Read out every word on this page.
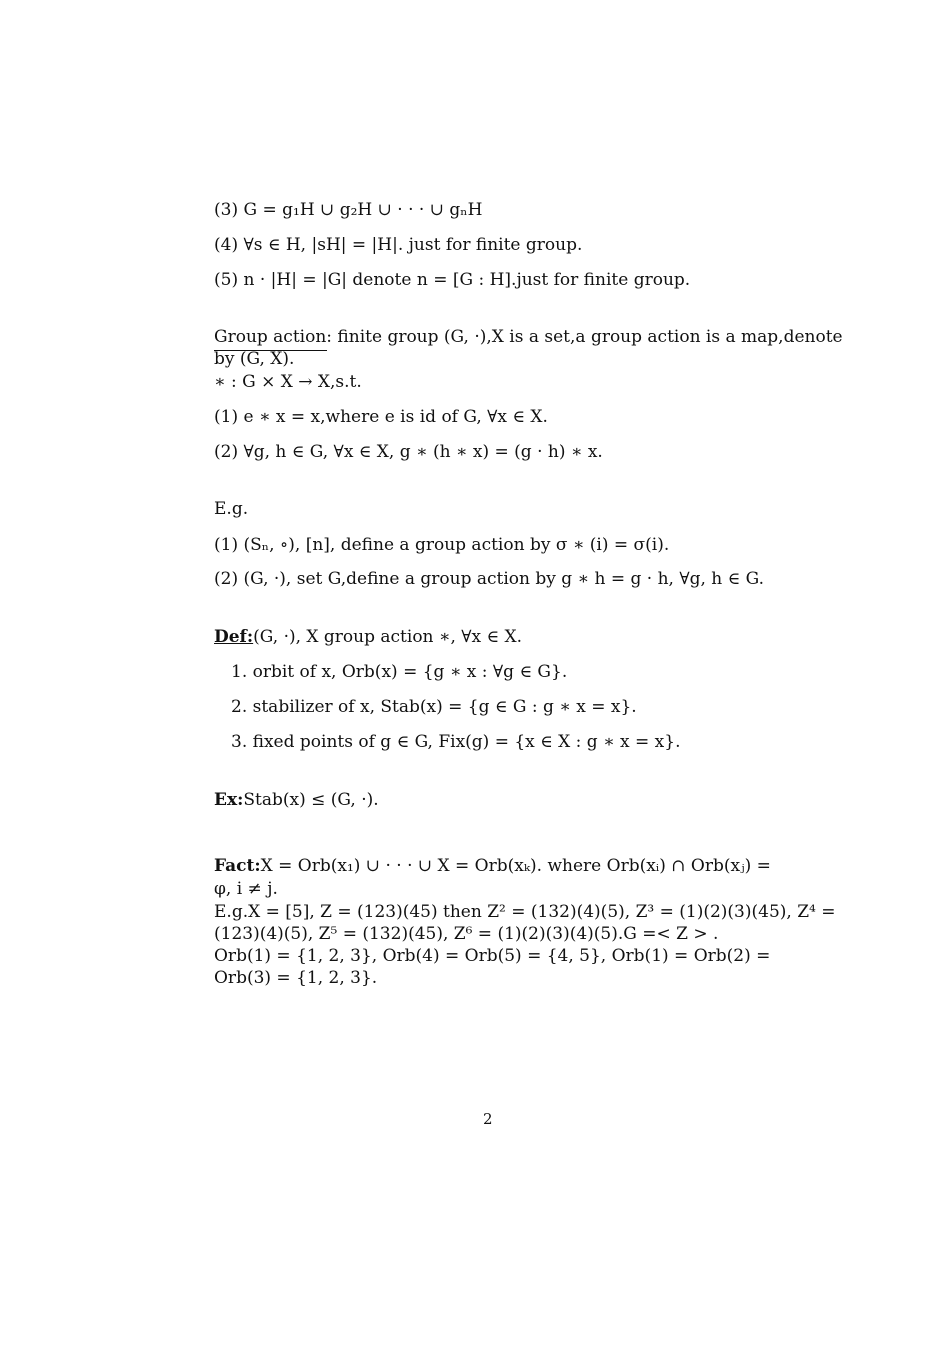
(3) G = g₁H ∪ g₂H ∪ · · · ∪ gₙH
(4) ∀s ∈ H, |sH| = |H|. just for finite group.
(5) n · |H| = |G| denote n = [G : H].just for finite group.
Group action: finite group (G, ·),X is a set,a group action is a map,denote
by (G, X).
∗ : G × X → X,s.t.
(1) e ∗ x = x,where e is id of G, ∀x ∈ X.
(2) ∀g, h ∈ G, ∀x ∈ X, g ∗ (h ∗ x) = (g · h) ∗ x.
E.g.
(1) (Sₙ, ∘), [n], define a group action by σ ∗ (i) = σ(i).
(2) (G, ·), set G,define a group action by g ∗ h = g · h, ∀g, h ∈ G.
Def:(G, ·), X group action ∗, ∀x ∈ X.
1. orbit of x, Orb(x) = {g ∗ x : ∀g ∈ G}.
2. stabilizer of x, Stab(x) = {g ∈ G : g ∗ x = x}.
3. fixed points of g ∈ G, Fix(g) = {x ∈ X : g ∗ x = x}.
Ex:Stab(x) ≤ (G, ·).
Fact:X = Orb(x₁) ∪ · · · ∪ X = Orb(xₖ). where Orb(xᵢ) ∩ Orb(xⱼ) =
φ, i ≠ j.
E.g.X = [5], Z = (123)(45) then Z² = (132)(4)(5), Z³ = (1)(2)(3)(45), Z⁴ =
(123)(4)(5), Z⁵ = (132)(45), Z⁶ = (1)(2)(3)(4)(5).G =< Z > .
Orb(1) = {1, 2, 3}, Orb(4) = Orb(5) = {4, 5}, Orb(1) = Orb(2) =
Orb(3) = {1, 2, 3}.
2
